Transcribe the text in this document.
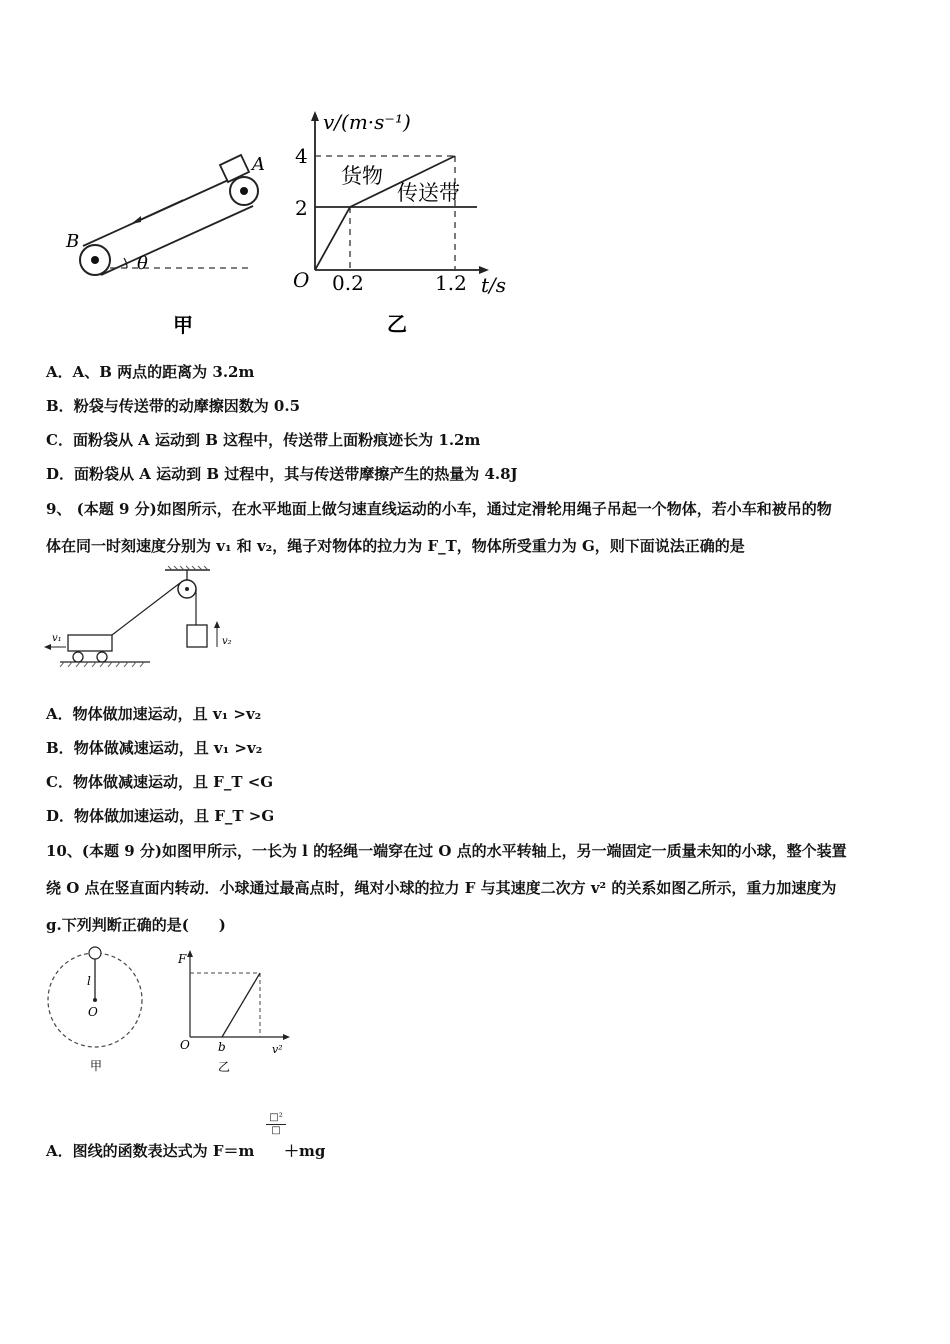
A
B
θ
甲
v/(m·s⁻¹)
4
2
O 0.2	1.2 t/s
货物
传送带
乙
A．A、B 两点的距离为 3.2m
B．粉袋与传送带的动摩擦因数为 0.5
C．面粉袋从 A 运动到 B 这程中，传送带上面粉痕迹长为 1.2m
D．面粉袋从 A 运动到 B 过程中，其与传送带摩擦产生的热量为 4.8J
9、 (本题 9 分)如图所示，在水平地面上做匀速直线运动的小车，通过定滑轮用绳子吊起一个物体，若小车和被吊的物
体在同一时刻速度分别为 v₁ 和 v₂，绳子对物体的拉力为 F_T，物体所受重力为 G，则下面说法正确的是
v₂
v₁
A．物体做加速运动，且 v₁ >v₂
B．物体做减速运动，且 v₁ >v₂
C．物体做减速运动，且 F_T <G
D．物体做加速运动，且 F_T >G
10、(本题 9 分)如图甲所示，一长为 l 的轻绳一端穿在过 O 点的水平转轴上，另一端固定一质量未知的小球，整个装置
绕 O 点在竖直面内转动．小球通过最高点时，绳对小球的拉力 F 与其速度二次方 v² 的关系如图乙所示，重力加速度为
g.下列判断正确的是(　　)
l
O
甲
F
O b	v²
乙
A．图线的函数表达式为 F＝m
□²
□
＋mg
